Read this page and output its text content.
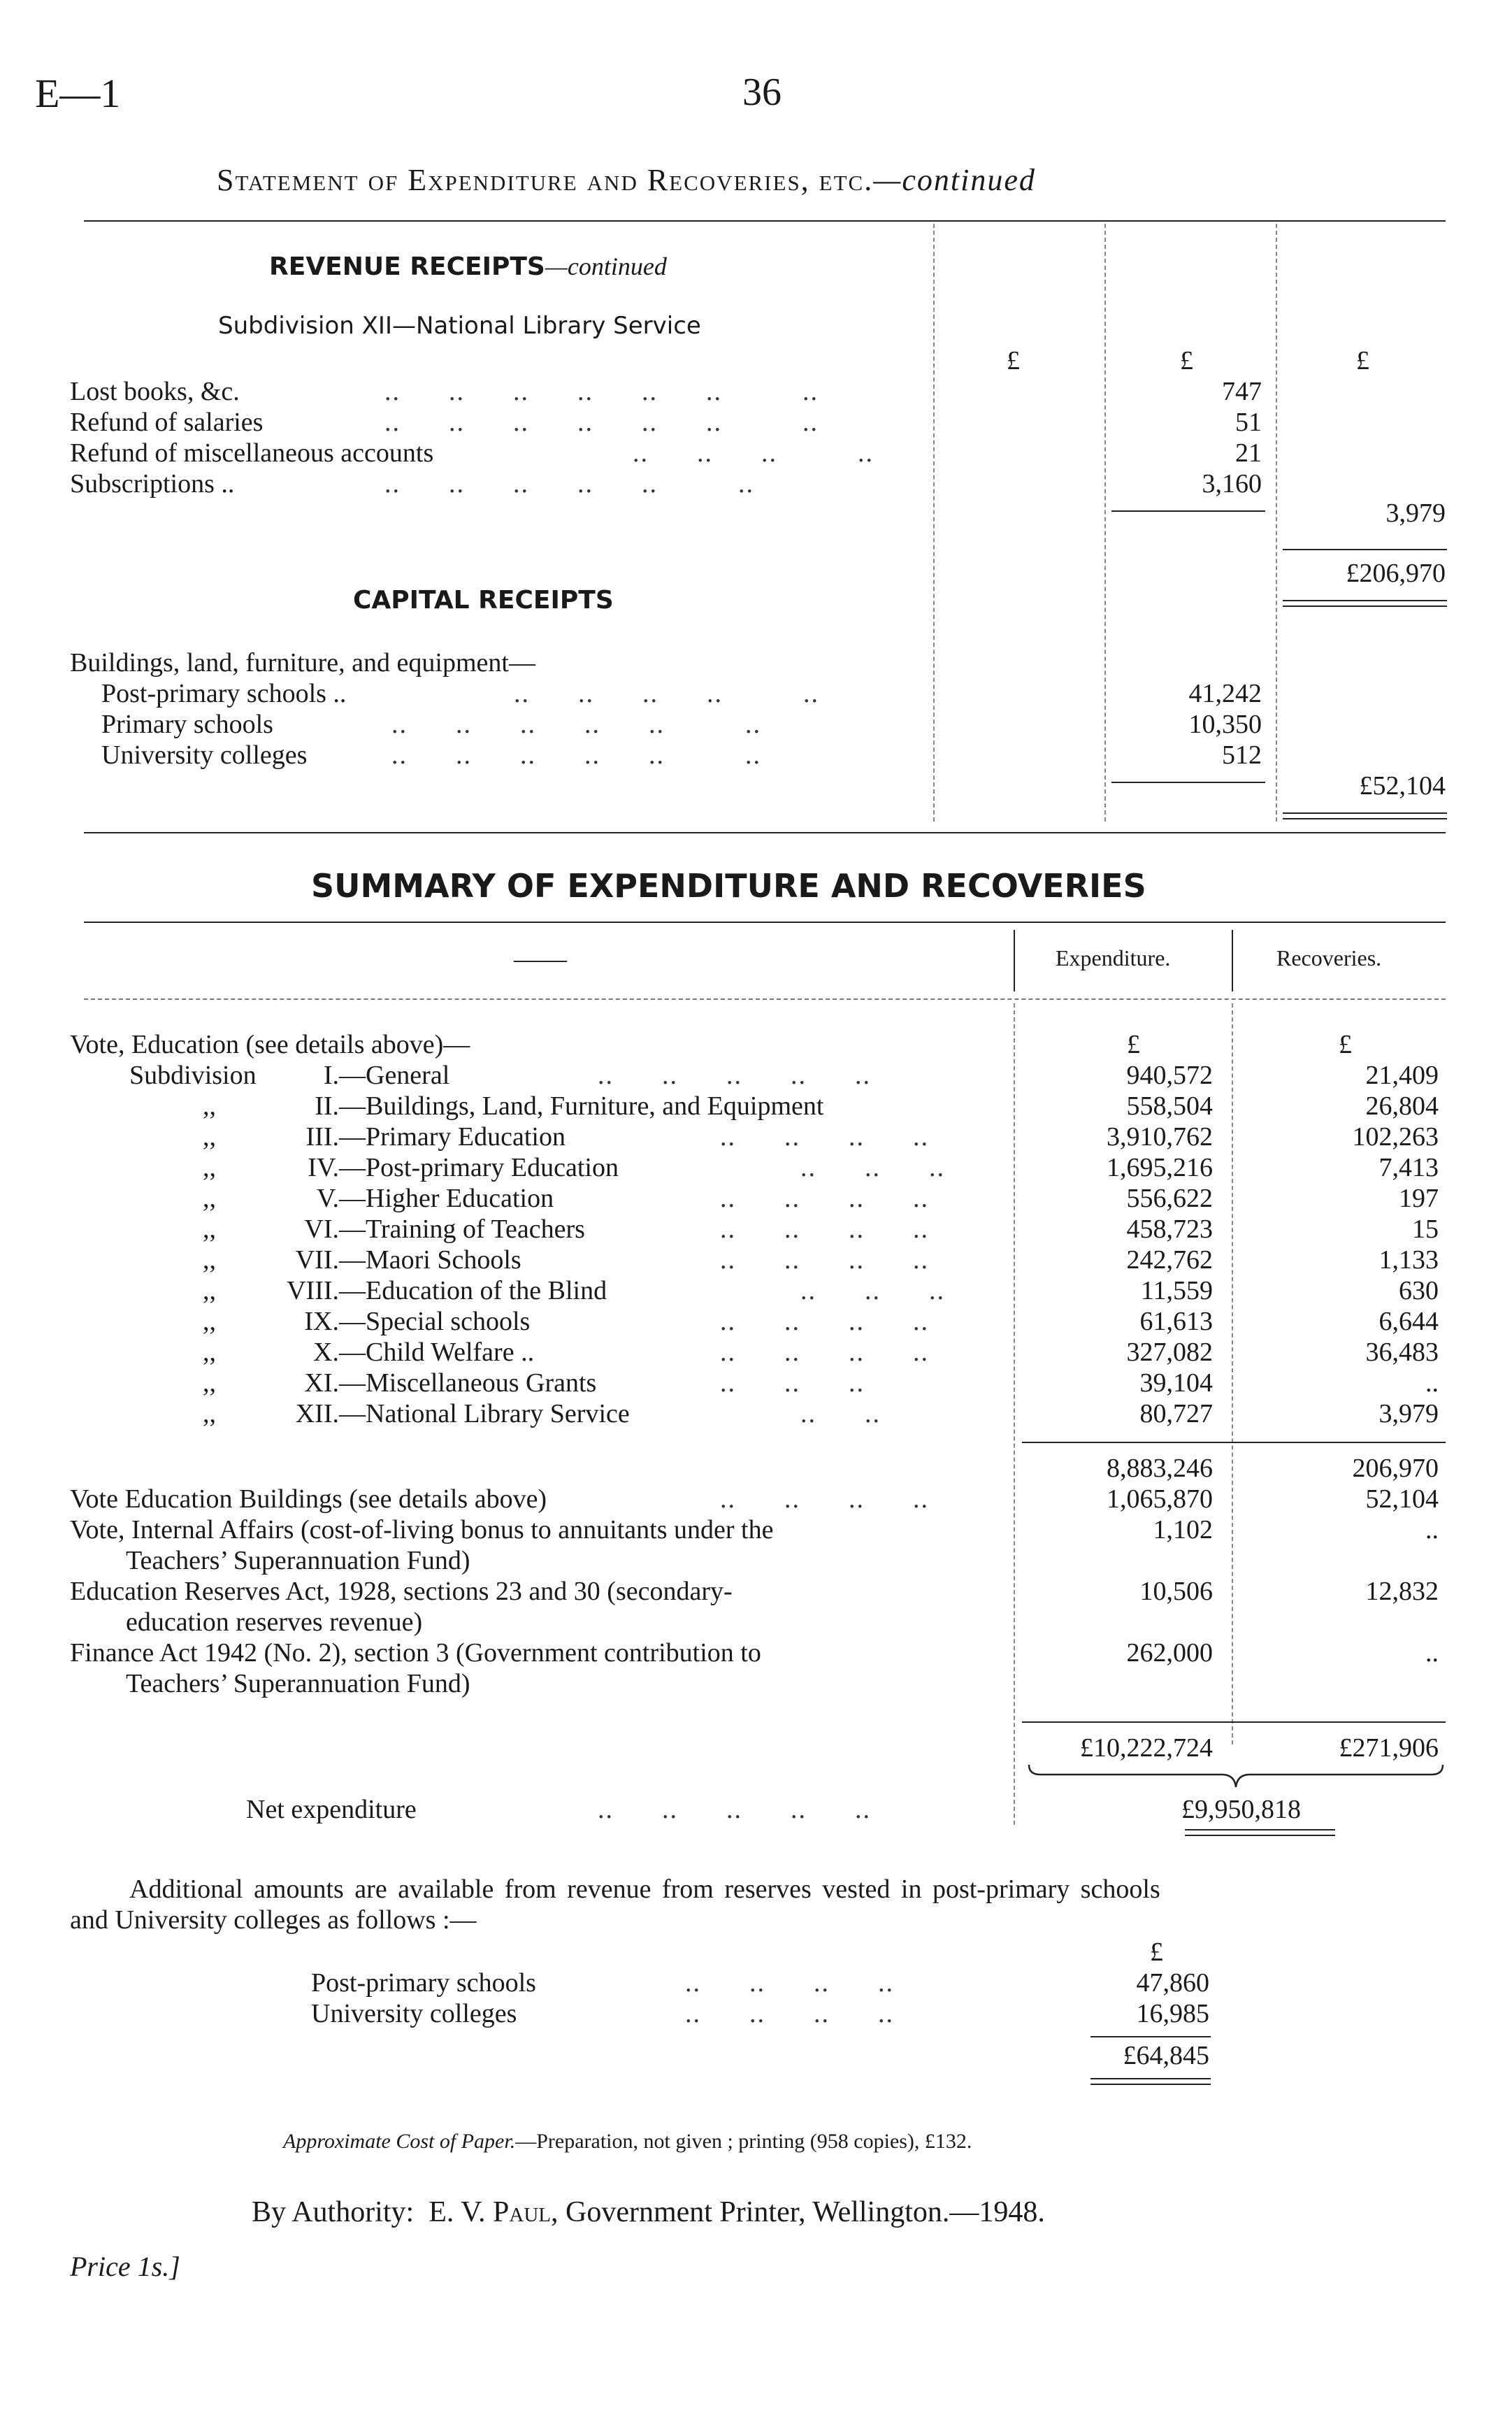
E—1	36
Statement of Expenditure and Recoveries, etc.—continued
REVENUE RECEIPTS—continued
Subdivision XII—National Library Service
£	£	£
Lost books, &c.	..      ..      ..      ..      ..      ..          ..	747
Refund of salaries	..      ..      ..      ..      ..      ..          ..	51
Refund of miscellaneous accounts	..      ..      ..          ..	21
Subscriptions ..	..      ..      ..      ..      ..          ..	3,160
3,979
£206,970
CAPITAL RECEIPTS
Buildings, land, furniture, and equipment—
Post-primary schools ..	..      ..      ..      ..          ..	41,242
Primary schools	..      ..      ..      ..      ..          ..	10,350
University colleges	..      ..      ..      ..      ..          ..	512
£52,104
SUMMARY OF EXPENDITURE AND RECOVERIES
——	Expenditure.	Recoveries.
Vote, Education (see details above)—	£	£
Subdivision	I. —General	..      ..      ..      ..      ..	940,572	21,409
,,	II. —Buildings, Land, Furniture, and Equipment	558,504	26,804
,,	III. —Primary Education	..      ..      ..      ..	3,910,762	102,263
,,	IV. —Post-primary Education	..      ..      ..	1,695,216	7,413
,,	V. —Higher Education	..      ..      ..      ..	556,622	197
,,	VI. —Training of Teachers	..      ..      ..      ..	458,723	15
,,	VII. —Maori Schools	..      ..      ..      ..	242,762	1,133
,,	VIII. —Education of the Blind	..      ..      ..	11,559	630
,,	IX. —Special schools	..      ..      ..      ..	61,613	6,644
,,	X. —Child Welfare ..	..      ..      ..      ..	327,082	36,483
,,	XI. —Miscellaneous Grants	..      ..      ..	39,104	..
,,	XII. —National Library Service	..      ..	80,727	3,979
8,883,246	206,970
Vote Education Buildings (see details above)	..      ..      ..      ..	1,065,870	52,104
Vote, Internal Affairs (cost-of-living bonus to annuitants under the
Teachers’ Superannuation Fund)
1,102	..
Education Reserves Act, 1928, sections 23 and 30 (secondary-
education reserves revenue)
10,506	12,832
Finance Act 1942 (No. 2), section 3 (Government contribution to
Teachers’ Superannuation Fund)
262,000	..
£10,222,724	£271,906
Net expenditure	..      ..      ..      ..      ..	£9,950,818
Additional amounts are available from revenue from reserves vested in post-primary schools
and University colleges as follows :—
£
Post-primary schools	..      ..      ..      ..	47,860
University colleges	..      ..      ..      ..	16,985
£64,845
Approximate Cost of Paper.—Preparation, not given ; printing (958 copies), £132.
By Authority: E. V. Paul, Government Printer, Wellington.—1948.
Price 1s.]
